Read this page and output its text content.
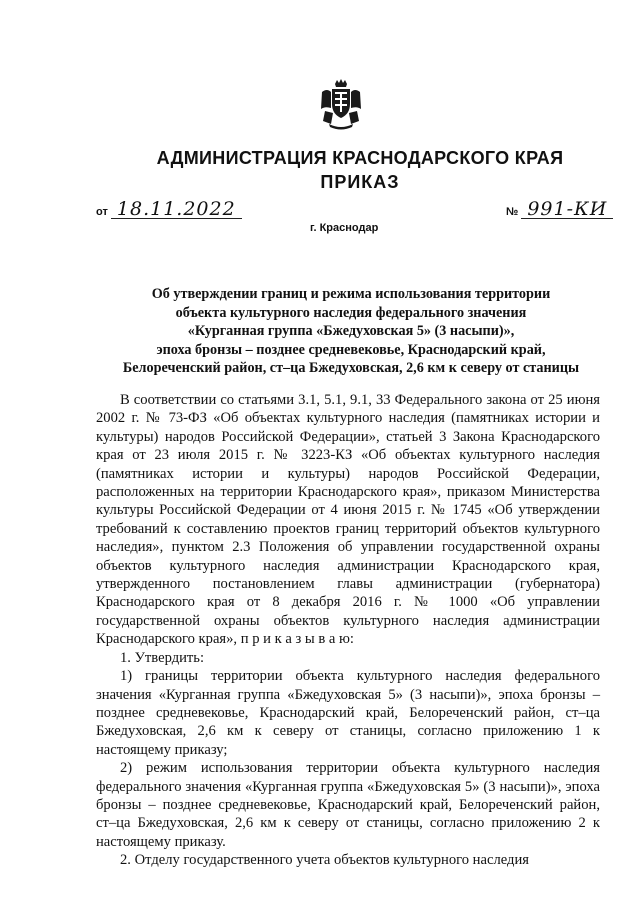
АДМИНИСТРАЦИЯ КРАСНОДАРСКОГО КРАЯ
ПРИКАЗ
от 18.11.2022
г. Краснодар
№ 991-КИ
Об утверждении границ и режима использования территории
объекта культурного наследия федерального значения
«Курганная группа «Бжедуховская 5» (3 насыпи)»,
эпоха бронзы – позднее средневековье, Краснодарский край,
Белореченский район, ст–ца Бжедуховская, 2,6 км к северу от станицы

В соответствии со статьями 3.1, 5.1, 9.1, 33 Федерального закона от 25 июня 2002 г. № 73-ФЗ «Об объектах культурного наследия (памятниках истории и культуры) народов Российской Федерации», статьей 3 Закона Краснодарского края от 23 июля 2015 г. № 3223-КЗ «Об объектах культурного наследия (памятниках истории и культуры) народов Российской Федерации, расположенных на территории Краснодарского края», приказом Министерства культуры Российской Федерации от 4 июня 2015 г. № 1745 «Об утверждении требований к составлению проектов границ территорий объектов культурного наследия», пунктом 2.3 Положения об управлении государственной охраны объектов культурного наследия администрации Краснодарского края, утвержденного постановлением главы администрации (губернатора) Краснодарского края от 8 декабря 2016 г. № 1000 «Об управлении государственной охраны объектов культурного наследия администрации Краснодарского края», п р и к а з ы в а ю:

1. Утвердить:

1) границы территории объекта культурного наследия федерального значения «Курганная группа «Бжедуховская 5» (3 насыпи)», эпоха бронзы – позднее средневековье, Краснодарский край, Белореченский район, ст–ца Бжедуховская, 2,6 км к северу от станицы, согласно приложению 1 к настоящему приказу;

2) режим использования территории объекта культурного наследия федерального значения «Курганная группа «Бжедуховская 5» (3 насыпи)», эпоха бронзы – позднее средневековье, Краснодарский край, Белореченский район, ст–ца Бжедуховская, 2,6 км к северу от станицы, согласно приложению 2 к настоящему приказу.

2. Отделу государственного учета объектов культурного наследия
